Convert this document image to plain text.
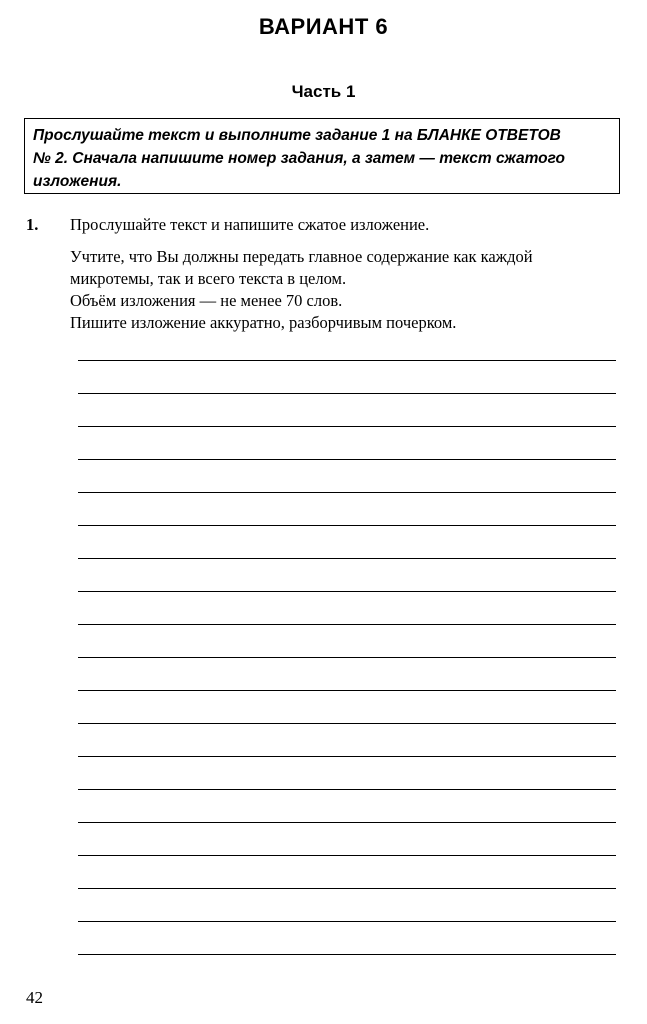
ВАРИАНТ 6
Часть 1
Прослушайте текст и выполните задание 1 на БЛАНКЕ ОТВЕТОВ
№ 2. Сначала напишите номер задания, а затем — текст сжатого
изложения.
1. Прослушайте текст и напишите сжатое изложение.
Учтите, что Вы должны передать главное содержание как каждой
микротемы, так и всего текста в целом.
Объём изложения — не менее 70 слов.
Пишите изложение аккуратно, разборчивым почерком.
42
